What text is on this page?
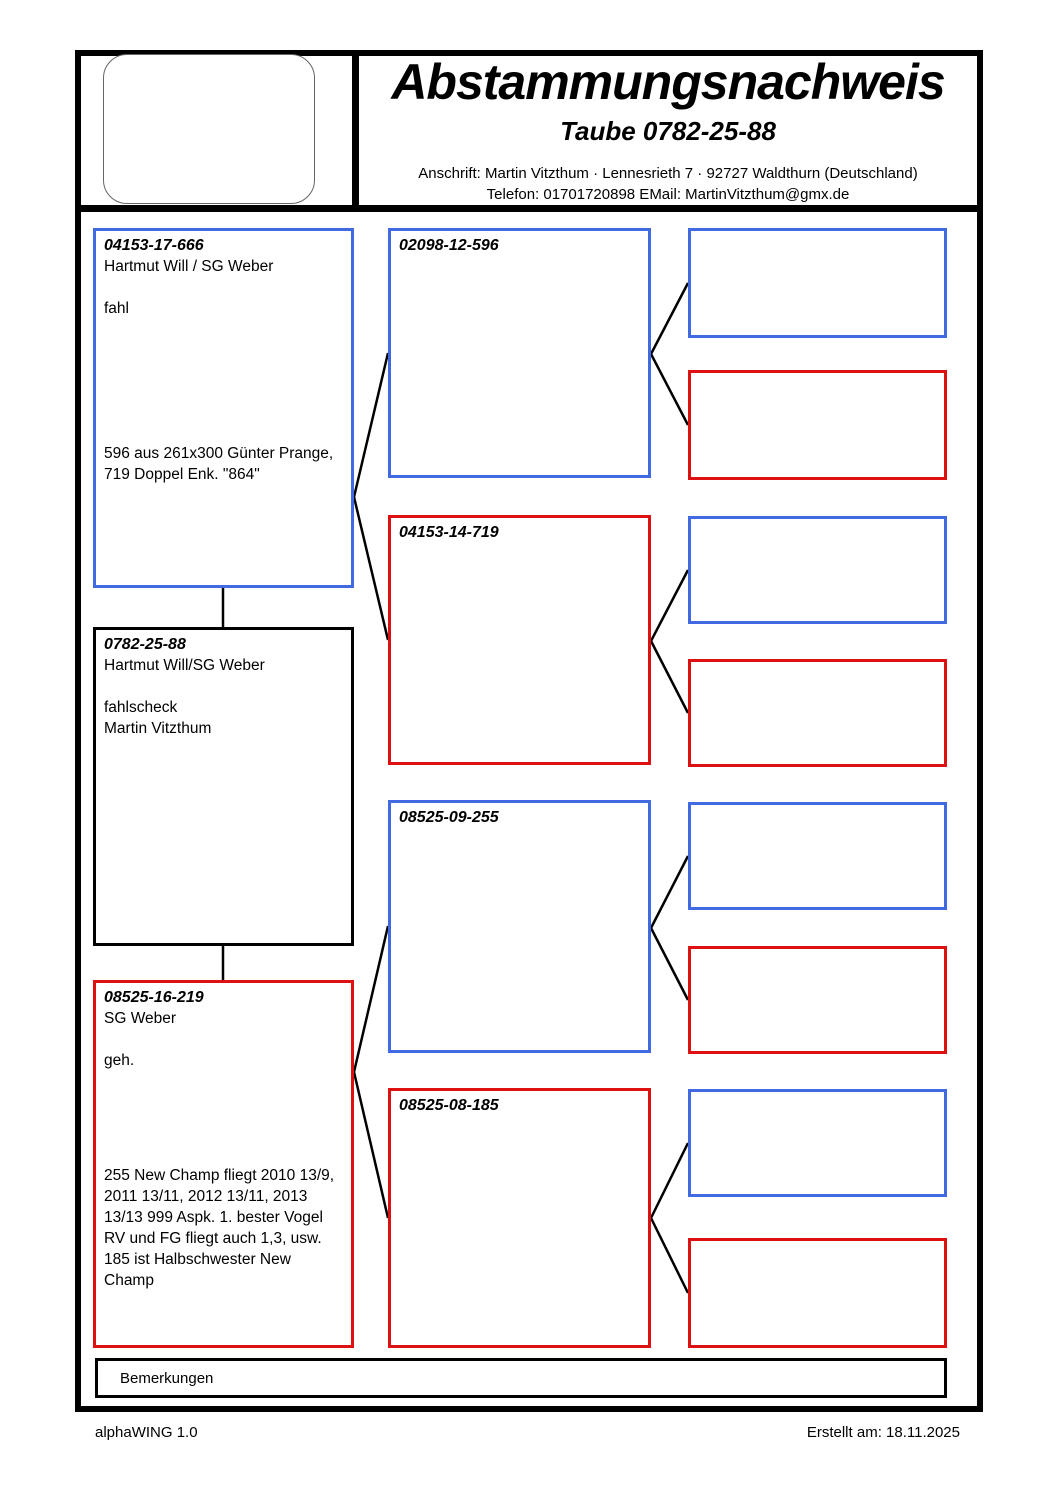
Abstammungsnachweis
Taube 0782-25-88
Anschrift: Martin Vitzthum · Lennesrieth 7 · 92727 Waldthurn (Deutschland)
Telefon: 01701720898 EMail: MartinVitzthum@gmx.de
04153-17-666
Hartmut Will / SG Weber
fahl
596 aus 261x300 Günter Prange, 719 Doppel Enk. "864"
0782-25-88
Hartmut Will/SG Weber
fahlscheck
Martin Vitzthum
08525-16-219
SG Weber
geh.
255 New Champ fliegt 2010 13/9, 2011 13/11, 2012 13/11, 2013 13/13 999 Aspk. 1. bester Vogel RV und FG fliegt auch 1,3, usw. 185 ist Halbschwester New Champ
02098-12-596
04153-14-719
08525-09-255
08525-08-185
Bemerkungen
alphaWING 1.0	Erstellt am: 18.11.2025
